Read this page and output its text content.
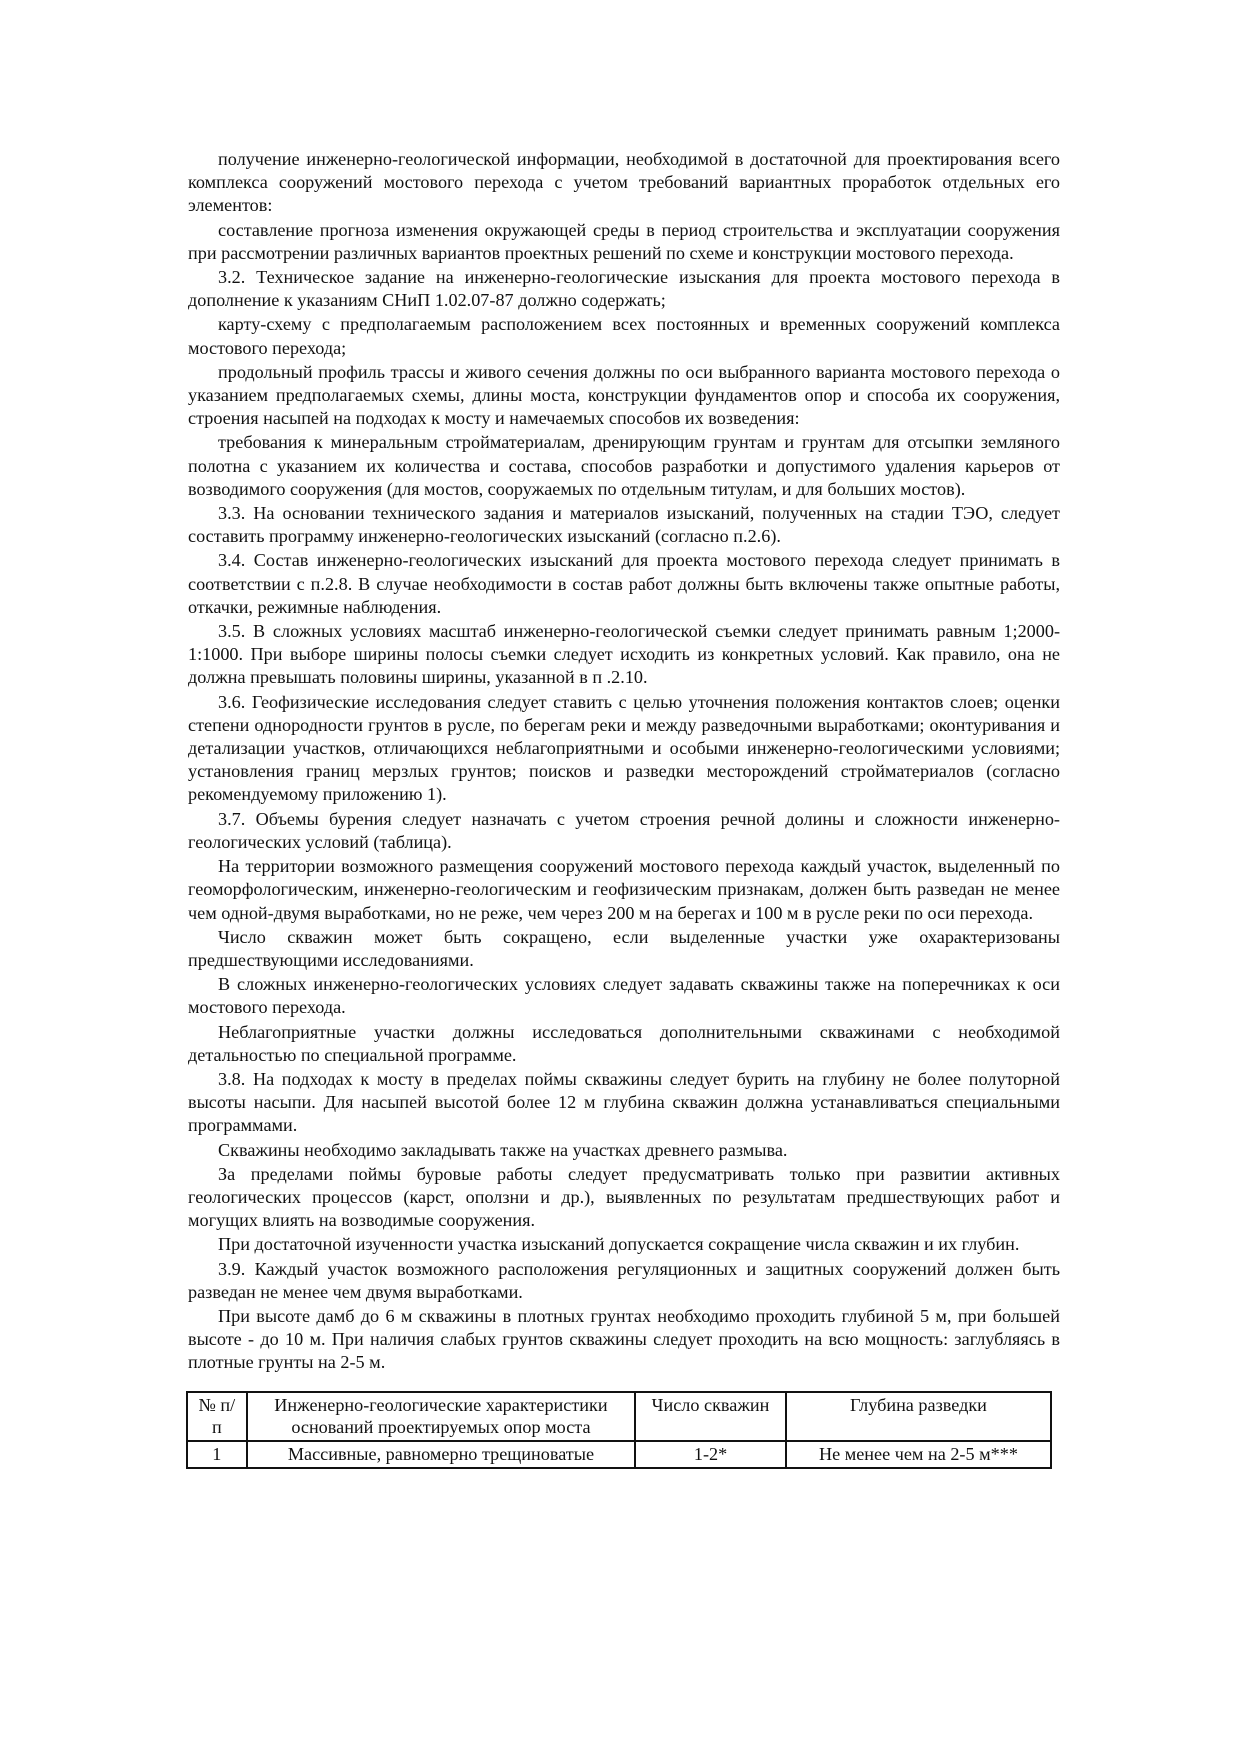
получение инженерно-геологической информации, необходимой в достаточной для проектирования всего комплекса сооружений мостового перехода с учетом требований вариантных проработок отдельных его элементов:

составление прогноза изменения окружающей среды в период строительства и эксплуатации сооружения при рассмотрении различных вариантов проектных решений по схеме и конструкции мостового перехода.

3.2. Техническое задание на инженерно-геологические изыскания для проекта мостового перехода в дополнение к указаниям СНиП 1.02.07-87 должно содержать;

карту-схему с предполагаемым расположением всех постоянных и временных сооружений комплекса мостового перехода;

продольный профиль трассы и живого сечения должны по оси выбранного варианта мостового перехода о указанием предполагаемых схемы, длины моста, конструкции фундаментов опор и способа их сооружения, строения насыпей на подходах к мосту и намечаемых способов их возведения:

требования к минеральным стройматериалам, дренирующим грунтам и грунтам для отсыпки земляного полотна с указанием их количества и состава, способов разработки и допустимого удаления карьеров от возводимого сооружения (для мостов, сооружаемых по отдельным титулам, и для больших мостов).

3.3. На основании технического задания и материалов изысканий, полученных на стадии ТЭО, следует составить программу инженерно-геологических изысканий (согласно п.2.6).

3.4. Состав инженерно-геологических изысканий для проекта мостового перехода следует принимать в соответствии с п.2.8. В случае необходимости в состав работ должны быть включены также опытные работы, откачки, режимные наблюдения.

3.5. В сложных условиях масштаб инженерно-геологической съемки следует принимать равным 1;2000-1:1000. При выборе ширины полосы съемки следует исходить из конкретных условий. Как правило, она не должна превышать половины ширины, указанной в п .2.10.

3.6. Геофизические исследования следует ставить с целью уточнения положения контактов слоев; оценки степени однородности грунтов в русле, по берегам реки и между разведочными выработками; оконтуривания и детализации участков, отличающихся неблагоприятными и особыми инженерно-геологическими условиями; установления границ мерзлых грунтов; поисков и разведки месторождений стройматериалов (согласно рекомендуемому приложению 1).

3.7. Объемы бурения следует назначать с учетом строения речной долины и сложности инженерно-геологических условий (таблица).

На территории возможного размещения сооружений мостового перехода каждый участок, выделенный по геоморфологическим, инженерно-геологическим и геофизическим признакам, должен быть разведан не менее чем одной-двумя выработками, но не реже, чем через 200 м на берегах и 100 м в русле реки по оси перехода.

Число скважин может быть сокращено, если выделенные участки уже охарактеризованы предшествующими исследованиями.

В сложных инженерно-геологических условиях следует задавать скважины также на поперечниках к оси мостового перехода.

Неблагоприятные участки должны исследоваться дополнительными скважинами с необходимой детальностью по специальной программе.

3.8. На подходах к мосту в пределах поймы скважины следует бурить на глубину не более полуторной высоты насыпи. Для насыпей высотой более 12 м глубина скважин должна устанавливаться специальными программами.

Скважины необходимо закладывать также на участках древнего размыва.

За пределами поймы буровые работы следует предусматривать только при развитии активных геологических процессов (карст, оползни и др.), выявленных по результатам предшествующих работ и могущих влиять на возводимые сооружения.

При достаточной изученности участка изысканий допускается сокращение числа скважин и их глубин.

3.9. Каждый участок возможного расположения регуляционных и защитных сооружений должен быть разведан не менее чем двумя выработками.

При высоте дамб до 6 м скважины в плотных грунтах необходимо проходить глубиной 5 м, при большей высоте - до 10 м. При наличия слабых грунтов скважины следует проходить на всю мощность: заглубляясь в плотные грунты на 2-5 м.

№ п/п	Инженерно-геологические характеристики оснований проектируемых опор моста	Число скважин	Глубина разведки
1	Массивные, равномерно трещиноватые	1-2*	Не менее чем на 2-5 м***
